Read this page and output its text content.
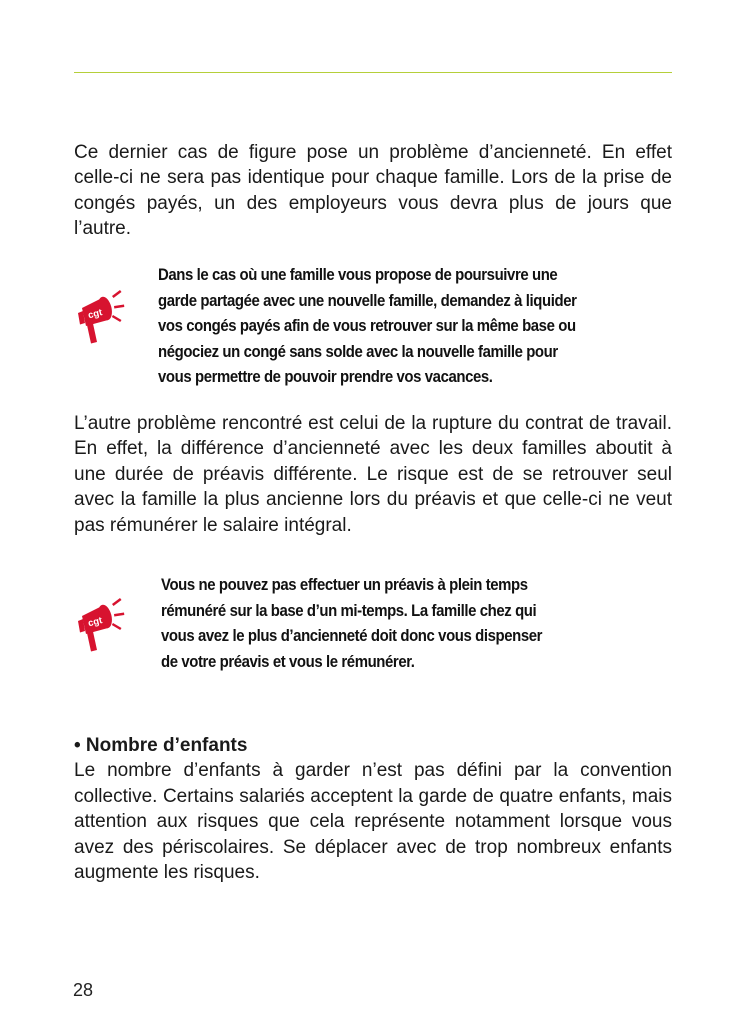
Ce dernier cas de figure pose un problème d’ancienneté. En effet celle-ci ne sera pas identique pour chaque famille. Lors de la prise de congés payés, un des employeurs vous devra plus de jours que l’autre.

cgt
Dans le cas où une famille vous propose de poursuivre une
garde partagée avec une nouvelle famille, demandez à liquider
vos congés payés afin de vous retrouver sur la même base ou
négociez un congé sans solde avec la nouvelle famille pour
vous permettre de pouvoir prendre vos vacances.

L’autre problème rencontré est celui de la rupture du contrat de travail. En effet, la différence d’ancienneté avec les deux familles aboutit à une durée de préavis différente. Le risque est de se retrouver seul avec la famille la plus ancienne lors du préavis et que celle-ci ne veut pas rémunérer le salaire intégral.

cgt
Vous ne pouvez pas effectuer un préavis à plein temps
rémunéré sur la base d’un mi-temps. La famille chez qui
vous avez le plus d’ancienneté doit donc vous dispenser
de votre préavis et vous le rémunérer.

• Nombre d’enfants
Le nombre d’enfants à garder n’est pas défini par la convention collective. Certains salariés acceptent la garde de quatre enfants, mais attention aux risques que cela représente notamment lorsque vous avez des périscolaires. Se déplacer avec de trop nombreux enfants augmente les risques.

28
